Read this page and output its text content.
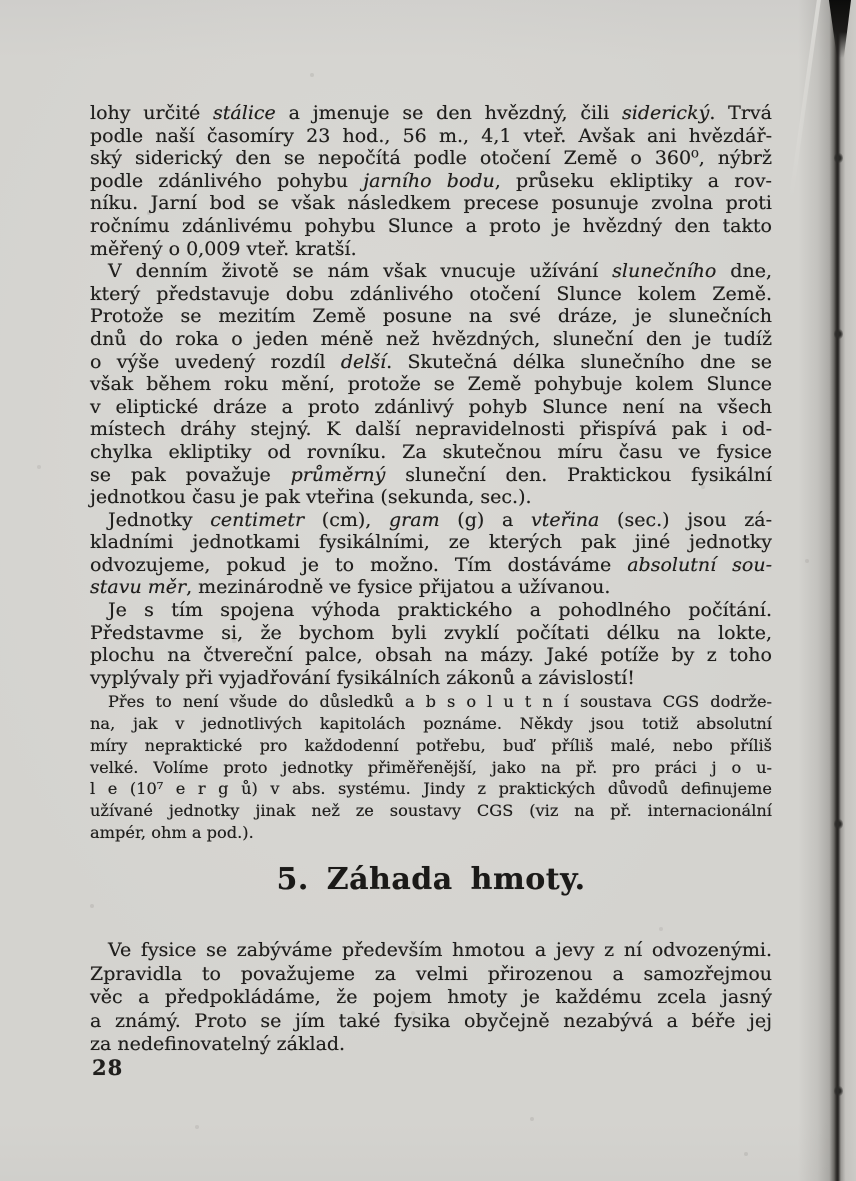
lohy určité stálice a jmenuje se den hvězdný, čili siderický. Trvá
podle naší časomíry 23 hod., 56 m., 4,1 vteř. Avšak ani hvězdář-
ský siderický den se nepočítá podle otočení Země o 360⁰, nýbrž
podle zdánlivého pohybu jarního bodu, průseku ekliptiky a rov-
níku. Jarní bod se však následkem precese posunuje zvolna proti
ročnímu zdánlivému pohybu Slunce a proto je hvězdný den takto
měřený o 0,009 vteř. kratší.
V denním životě se nám však vnucuje užívání slunečního dne,
který představuje dobu zdánlivého otočení Slunce kolem Země.
Protože se mezitím Země posune na své dráze, je slunečních
dnů do roka o jeden méně než hvězdných, sluneční den je tudíž
o výše uvedený rozdíl delší. Skutečná délka slunečního dne se
však během roku mění, protože se Země pohybuje kolem Slunce
v eliptické dráze a proto zdánlivý pohyb Slunce není na všech
místech dráhy stejný. K další nepravidelnosti přispívá pak i od-
chylka ekliptiky od rovníku. Za skutečnou míru času ve fysice
se pak považuje průměrný sluneční den. Praktickou fysikální
jednotkou času je pak vteřina (sekunda, sec.).
Jednotky centimetr (cm), gram (g) a vteřina (sec.) jsou zá-
kladními jednotkami fysikálními, ze kterých pak jiné jednotky
odvozujeme, pokud je to možno. Tím dostáváme absolutní sou-
stavu měr, mezinárodně ve fysice přijatou a užívanou.
Je s tím spojena výhoda praktického a pohodlného počítání.
Představme si, že bychom byli zvyklí počítati délku na lokte,
plochu na čtvereční palce, obsah na mázy. Jaké potíže by z toho
vyplývaly při vyjadřování fysikálních zákonů a závislostí!
Přes to není všude do důsledků a b s o l u t n í soustava CGS dodrže-
na, jak v jednotlivých kapitolách poznáme. Někdy jsou totiž absolutní
míry nepraktické pro každodenní potřebu, buď příliš malé, nebo příliš
velké. Volíme proto jednotky přiměřenější, jako na př. pro práci j o u-
l e (10⁷ e r g ů) v abs. systému. Jindy z praktických důvodů definujeme
užívané jednotky jinak než ze soustavy CGS (viz na př. internacionální
ampér, ohm a pod.).
5. Záhada hmoty.
Ve fysice se zabýváme především hmotou a jevy z ní odvozenými.
Zpravidla to považujeme za velmi přirozenou a samozřejmou
věc a předpokládáme, že pojem hmoty je každému zcela jasný
a známý. Proto se jím také fysika obyčejně nezabývá a béře jej
za nedefinovatelný základ.
28
